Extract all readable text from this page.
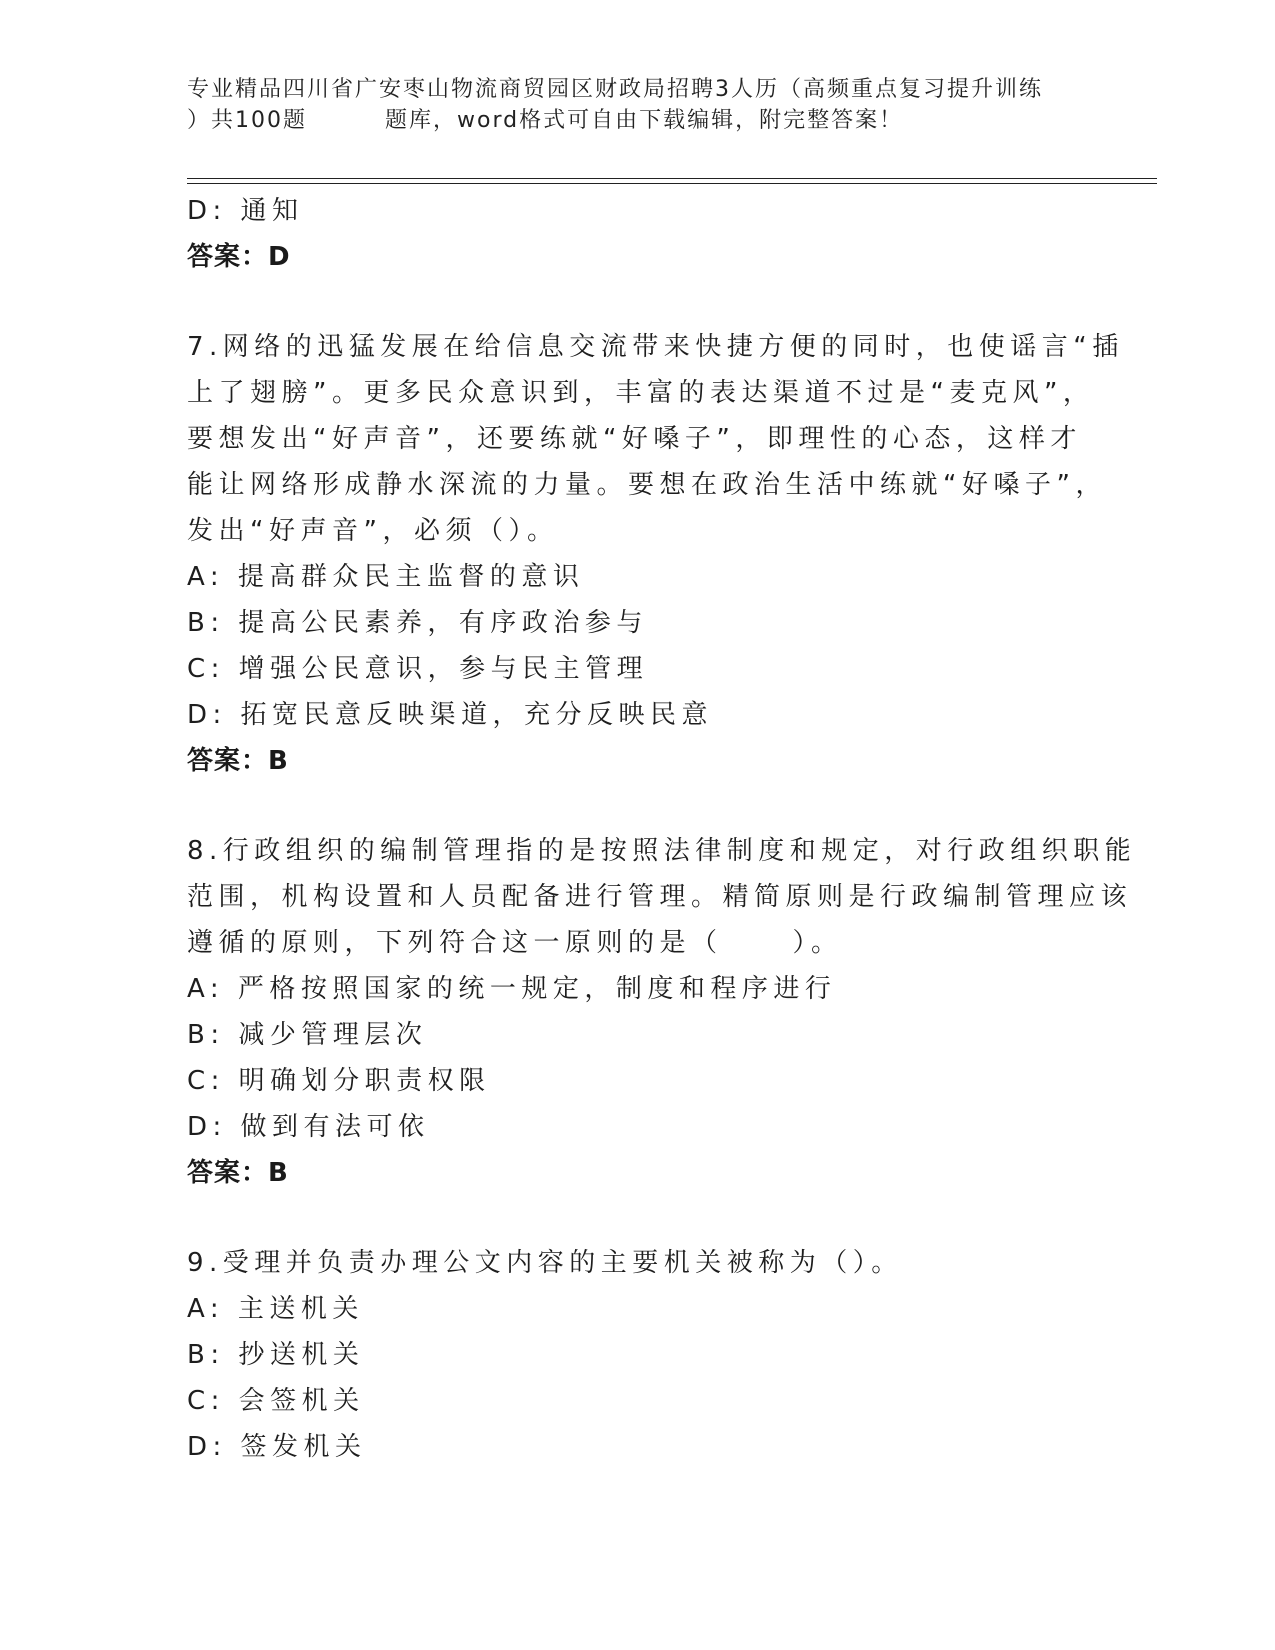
专业精品四川省广安枣山物流商贸园区财政局招聘3人历（高频重点复习提升训练
）共100题	题库，word格式可自由下载编辑，附完整答案！
D: 通知
答案：D
7.网络的迅猛发展在给信息交流带来快捷方便的同时，也使谣言“插
上了翅膀”。更多民众意识到，丰富的表达渠道不过是“麦克风”，
要想发出“好声音”，还要练就“好嗓子”，即理性的心态，这样才
能让网络形成静水深流的力量。要想在政治生活中练就“好嗓子”，
发出“好声音”，必须（）。
A: 提高群众民主监督的意识
B: 提高公民素养，有序政治参与
C: 增强公民意识，参与民主管理
D: 拓宽民意反映渠道，充分反映民意
答案：B
8.行政组织的编制管理指的是按照法律制度和规定，对行政组织职能
范围，机构设置和人员配备进行管理。精简原则是行政编制管理应该
遵循的原则，下列符合这一原则的是（	）。
A: 严格按照国家的统一规定，制度和程序进行
B: 减少管理层次
C: 明确划分职责权限
D: 做到有法可依
答案：B
9.受理并负责办理公文内容的主要机关被称为（）。
A: 主送机关
B: 抄送机关
C: 会签机关
D: 签发机关
